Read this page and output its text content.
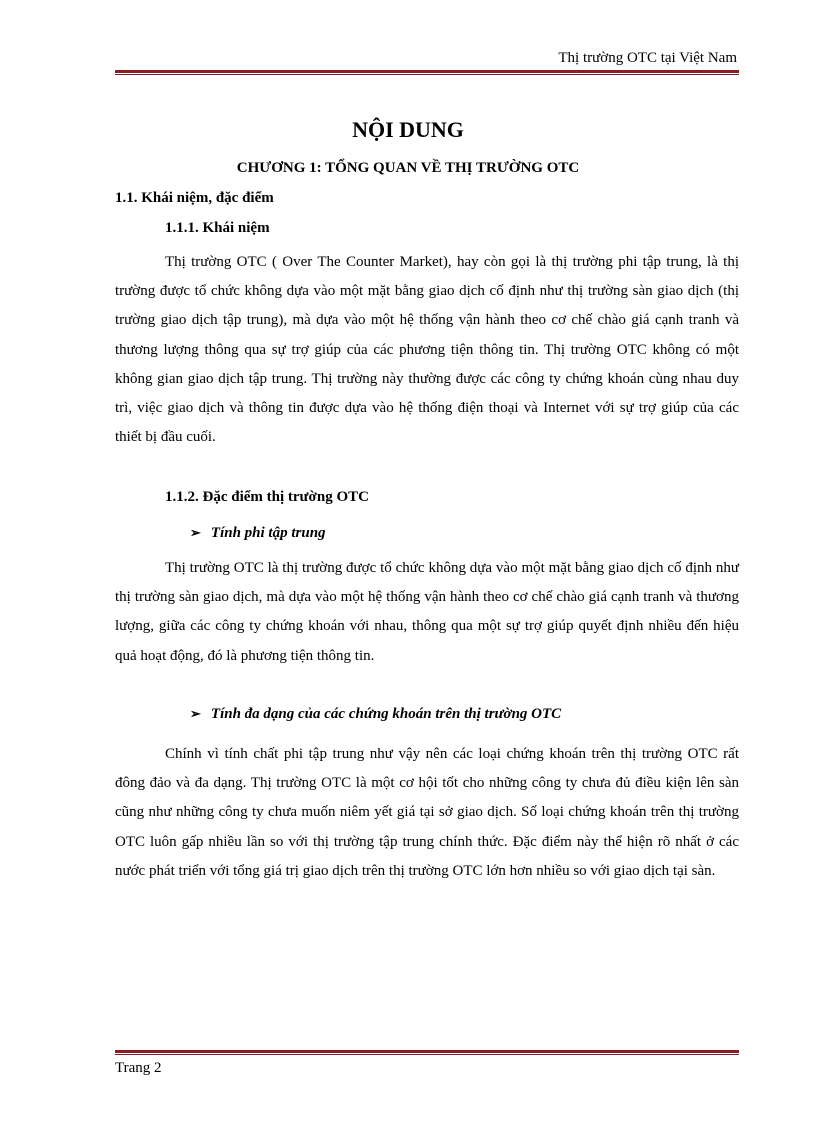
Thị trường OTC tại Việt Nam
NỘI DUNG
CHƯƠNG 1: TỔNG QUAN VỀ THỊ TRƯỜNG OTC
1.1. Khái niệm, đặc điểm
1.1.1. Khái niệm

Thị trường OTC ( Over The Counter Market), hay còn gọi là thị trường phi tập trung, là thị trường được tổ chức không dựa vào một mặt bằng giao dịch cố định như thị trường sàn giao dịch (thị trường giao dịch tập trung), mà dựa vào một hệ thống vận hành theo cơ chế chào giá cạnh tranh và thương lượng thông qua sự trợ giúp của các phương tiện thông tin. Thị trường OTC không có một không gian giao dịch tập trung. Thị trường này thường được các công ty chứng khoán cùng nhau duy trì, việc giao dịch và thông tin được dựa vào hệ thống điện thoại và Internet với sự trợ giúp của các thiết bị đầu cuối.

1.1.2. Đặc điểm thị trường OTC
➢ Tính phi tập trung

Thị trường OTC là thị trường được tổ chức không dựa vào một mặt bằng giao dịch cố định như thị trường sàn giao dịch, mà dựa vào một hệ thống vận hành theo cơ chế chào giá cạnh tranh và thương lượng, giữa các công ty chứng khoán với nhau, thông qua một sự trợ giúp quyết định nhiều đến hiệu quả hoạt động, đó là phương tiện thông tin.

➢ Tính đa dạng của các chứng khoán trên thị trường OTC

Chính vì tính chất phi tập trung như vậy nên các loại chứng khoán trên thị trường OTC rất đông đảo và đa dạng. Thị trường OTC là một cơ hội tốt cho những công ty chưa đủ điều kiện lên sàn cũng như những công ty chưa muốn niêm yết giá tại sở giao dịch. Số loại chứng khoán trên thị trường OTC luôn gấp nhiều lần so với thị trường tập trung chính thức. Đặc điểm này thể hiện rõ nhất ở các nước phát triển với tổng giá trị giao dịch trên thị trường OTC lớn hơn nhiều so với giao dịch tại sàn.

Trang 2
